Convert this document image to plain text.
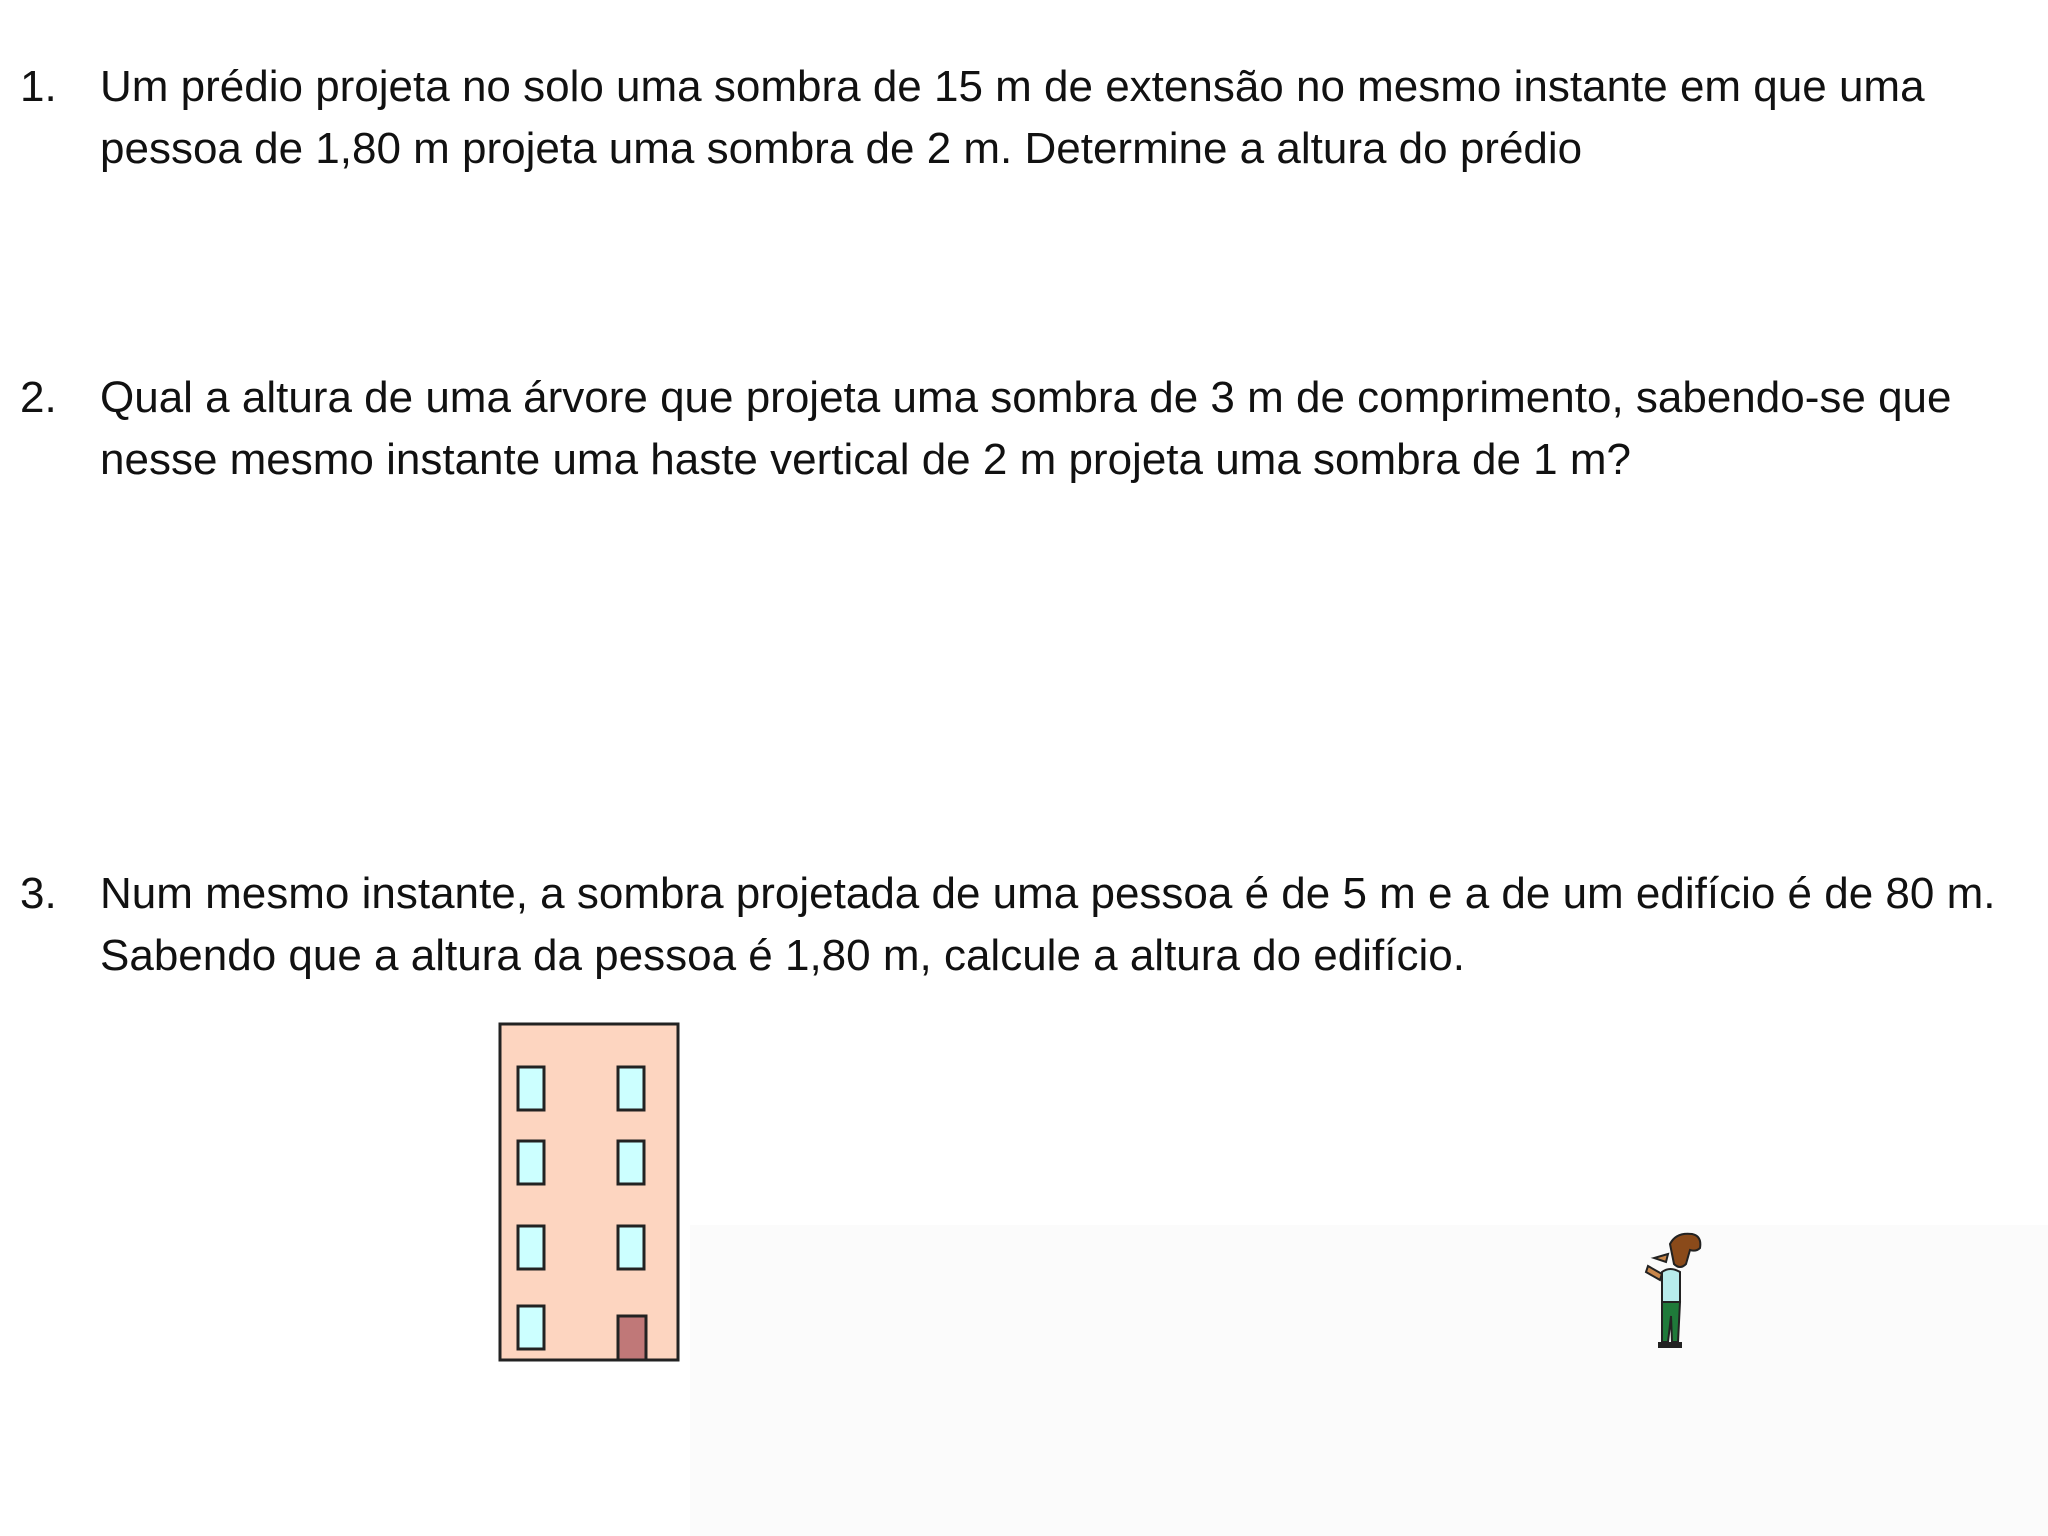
1. Um prédio projeta no solo uma sombra de 15 m de extensão no mesmo instante em que uma pessoa de 1,80 m projeta uma sombra de 2 m. Determine a altura do prédio
2. Qual a altura de uma árvore que projeta uma sombra de 3 m de comprimento, sabendo-se que nesse mesmo instante uma haste vertical de 2 m projeta uma sombra de 1 m?
3. Num mesmo instante, a sombra projetada de uma pessoa é de 5 m e a de um edifício é de 80 m. Sabendo que a altura da pessoa é 1,80 m, calcule a altura do edifício.
